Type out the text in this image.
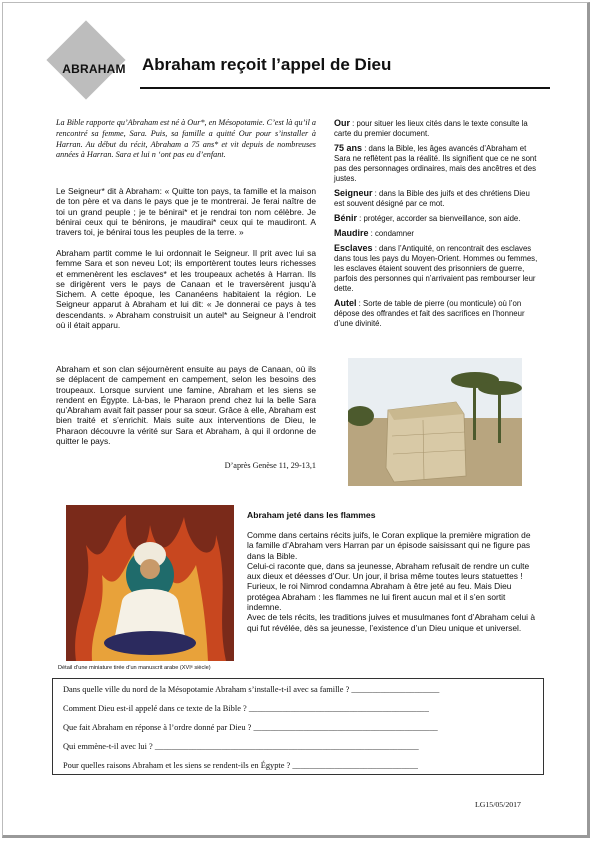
ABRAHAM Abraham reçoit l’appel de Dieu
La Bible rapporte qu’Abraham est né à Our*, en Mésopotamie. C’est là qu’il a rencontré sa femme, Sara. Puis, sa famille a quitté Our pour s’installer à Harran. Au début du récit, Abraham a 75 ans* et vit depuis de nombreuses années à Harran. Sara et lui n ‘ont pas eu d’enfant.
Le Seigneur* dit à Abraham: « Quitte ton pays, ta famille et la maison de ton père et va dans le pays que je te montrerai. Je ferai naître de toi un grand peuple ; je te bénirai* et je rendrai ton nom célèbre. Je bénirai ceux qui te bénirons, je maudirai* ceux qui te maudiront. A travers toi, je bénirai tous les peuples de la terre. »
Abraham partit comme le lui ordonnait le Seigneur. Il prit avec lui sa femme Sara et son neveu Lot; ils emportèrent toutes leurs richesses et emmenèrent les esclaves* et les troupeaux achetés à Harran. Ils se dirigèrent vers le pays de Canaan et le traversèrent jusqu’à Sichem. A cette époque, les Cananéens habitaient la région. Le Seigneur apparut à Abraham et lui dit: « Je donnerai ce pays à tes descendants. » Abraham construisit un autel* au Seigneur à l’endroit où il était apparu.
Abraham et son clan séjournèrent ensuite au pays de Canaan, où ils se déplacent de campement en campement, selon les besoins des troupeaux. Lorsque survient une famine, Abraham et les siens se rendent en Égypte. Là-bas, le Pharaon prend chez lui la belle Sara qu’Abraham avait fait passer pour sa sœur. Grâce à elle, Abraham est bien traité et s’enrichit. Mais suite aux interventions de Dieu, le Pharaon découvre la vérité sur Sara et Abraham, à qui il ordonne de quitter le pays.
D’après Genèse 11, 29-13,1

Our : pour situer les lieux cités dans le texte consulte la carte du premier document.

75 ans : dans la Bible, les âges avancés d’Abraham et Sara ne reflètent pas la réalité. Ils signifient que ce ne sont pas des personnages ordinaires, mais des ancêtres et des justes.

Seigneur : dans la Bible des juifs et des chrétiens Dieu est souvent désigné par ce mot.

Bénir : protéger, accorder sa bienveillance, son aide.

Maudire : condamner

Esclaves : dans l’Antiquité, on rencontrait des esclaves dans tous les pays du Moyen-Orient. Hommes ou femmes, les esclaves étaient souvent des prisonniers de guerre, parfois des personnes qui n’arrivaient pas rembourser leur dette.

Autel : Sorte de table de pierre (ou monticule) où l’on dépose des offrandes et fait des sacrifices en l’honneur d’une divinité.

Détail d’une miniature tirée d’un manuscrit arabe (XVIᵉ siècle)
Abraham jeté dans les flammes
Comme dans certains récits juifs, le Coran explique la première migration de la famille d’Abraham vers Harran par un épisode saisissant qui ne figure pas dans la Bible.
Celui-ci raconte que, dans sa jeunesse, Abraham refusait de rendre un culte aux dieux et déesses d’Our. Un jour, il brisa même toutes leurs statuettes ! Furieux, le roi Nimrod condamna Abraham à être jeté au feu. Mais Dieu protégea Abraham : les flammes ne lui firent aucun mal et il s’en sortit indemne.
Avec de tels récits, les traditions juives et musulmanes font d’Abraham celui à qui fut révélée, dès sa jeunesse, l’existence d’un Dieu unique et universel.
Dans quelle ville du nord de la Mésopotamie Abraham s’installe-t-il avec sa famille ? _____________________
Comment Dieu est-il appelé dans ce texte de la Bible ? ___________________________________________
Que fait Abraham en réponse à l’ordre donné par Dieu ? ____________________________________________
Qui emmène-t-il avec lui ? _______________________________________________________________
Pour quelles raisons Abraham et les siens se rendent-ils en Égypte ? ______________________________
LG15/05/2017
